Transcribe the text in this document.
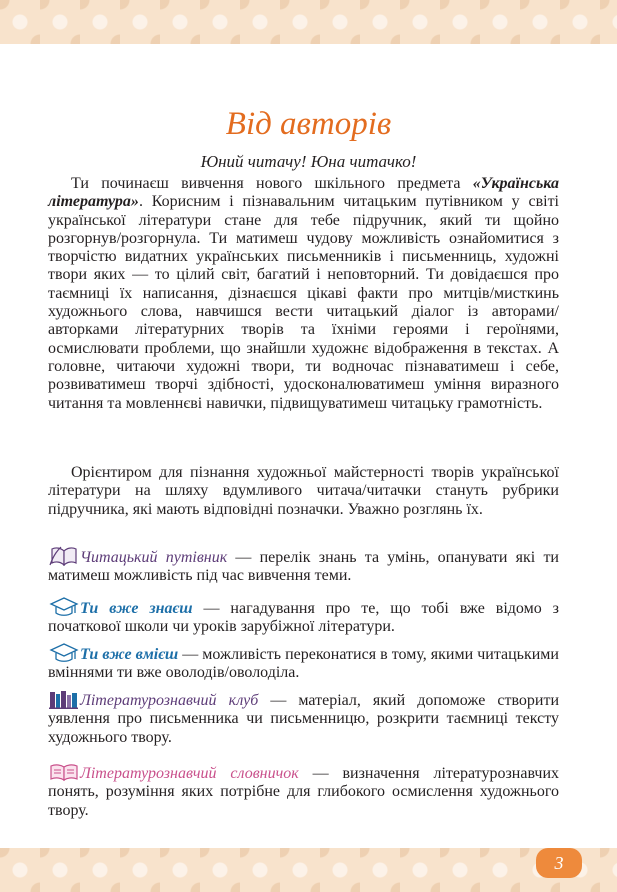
Від авторів

Юний читачу! Юна читачко!

Ти починаєш вивчення нового шкільного предмета «Українська література». Корисним і пізнавальним читацьким путівником у світі української літератури стане для тебе підручник, який ти щойно розгорнув/розгорнула. Ти матимеш чудову можливість ознайомитися з творчістю видатних українських письменників і письменниць, художні твори яких — то цілий світ, багатий і неповторний. Ти довідаєшся про таємниці їх написання, дізнаєшся цікаві факти про митців/мисткинь художнього слова, навчишся вести читацький діалог із авторами/авторками літературних творів та їхніми героями і героїнями, осмислювати проблеми, що знайшли художнє відображення в текстах. А головне, читаючи художні твори, ти водночас пізнаватимеш і себе, розвиватимеш творчі здібності, удосконалюватимеш уміння виразного читання та мовленнєві навички, підвищуватимеш читацьку грамотність.

Орієнтиром для пізнання художньої майстерності творів української літератури на шляху вдумливого читача/читачки стануть рубрики підручника, які мають відповідні позначки. Уважно розглянь їх.

Читацький путівник — перелік знань та умінь, опанувати які ти матимеш можливість під час вивчення теми.

Ти вже знаєш — нагадування про те, що тобі вже відомо з початкової школи чи уроків зарубіжної літератури.

Ти вже вмієш — можливість переконатися в тому, якими читацькими вміннями ти вже оволодів/оволоділа.

Літературознавчий клуб — матеріал, який допоможе створити уявлення про письменника чи письменницю, розкрити таємниці тексту художнього твору.

Літературознавчий словничок — визначення літературознавчих понять, розуміння яких потрібне для глибокого осмислення художнього твору.

3
